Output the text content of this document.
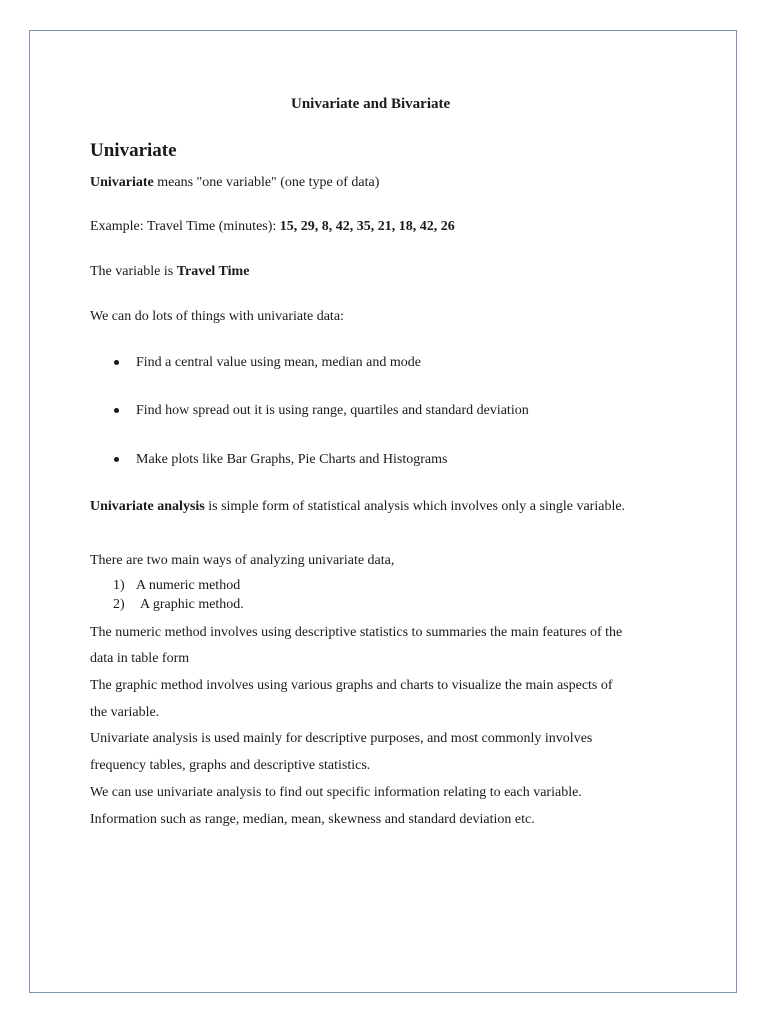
Univariate and Bivariate
Univariate
Univariate means "one variable" (one type of data)
Example: Travel Time (minutes): 15, 29, 8, 42, 35, 21, 18, 42, 26
The variable is Travel Time
We can do lots of things with univariate data:
Find a central value using mean, median and mode
Find how spread out it is using range, quartiles and standard deviation
Make plots like Bar Graphs, Pie Charts and Histograms
Univariate analysis is simple form of statistical analysis which involves only a single variable.
There are two main ways of analyzing univariate data,
1) A numeric method
2) A graphic method.
The numeric method involves using descriptive statistics to summaries the main features of the
data in table form
The graphic method involves using various graphs and charts to visualize the main aspects of
the variable.
Univariate analysis is used mainly for descriptive purposes, and most commonly involves
frequency tables, graphs and descriptive statistics.
We can use univariate analysis to find out specific information relating to each variable.
Information such as range, median, mean, skewness and standard deviation etc.
